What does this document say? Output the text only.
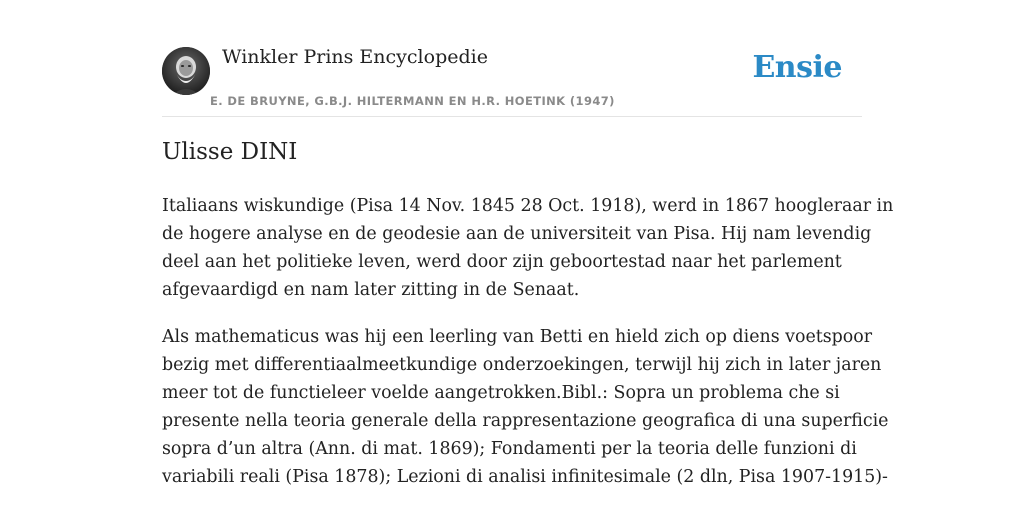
Winkler Prins Encyclopedie
E. DE BRUYNE, G.B.J. HILTERMANN EN H.R. HOETINK (1947)
Ensie
Ulisse DINI

Italiaans wiskundige (Pisa 14 Nov. 1845 28 Oct. 1918), werd in 1867 hoogleraar in
de hogere analyse en de geodesie aan de universiteit van Pisa. Hij nam levendig
deel aan het politieke leven, werd door zijn geboortestad naar het parlement
afgevaardigd en nam later zitting in de Senaat.

Als mathematicus was hij een leerling van Betti en hield zich op diens voetspoor
bezig met differentiaalmeetkundige onderzoekingen, terwijl hij zich in later jaren
meer tot de functieleer voelde aangetrokken.Bibl.: Sopra un problema che si
presente nella teoria generale della rappresentazione geografica di una superficie
sopra d’un altra (Ann. di mat. 1869); Fondamenti per la teoria delle funzioni di
variabili reali (Pisa 1878); Lezioni di analisi infinitesimale (2 dln, Pisa 1907-1915)-
